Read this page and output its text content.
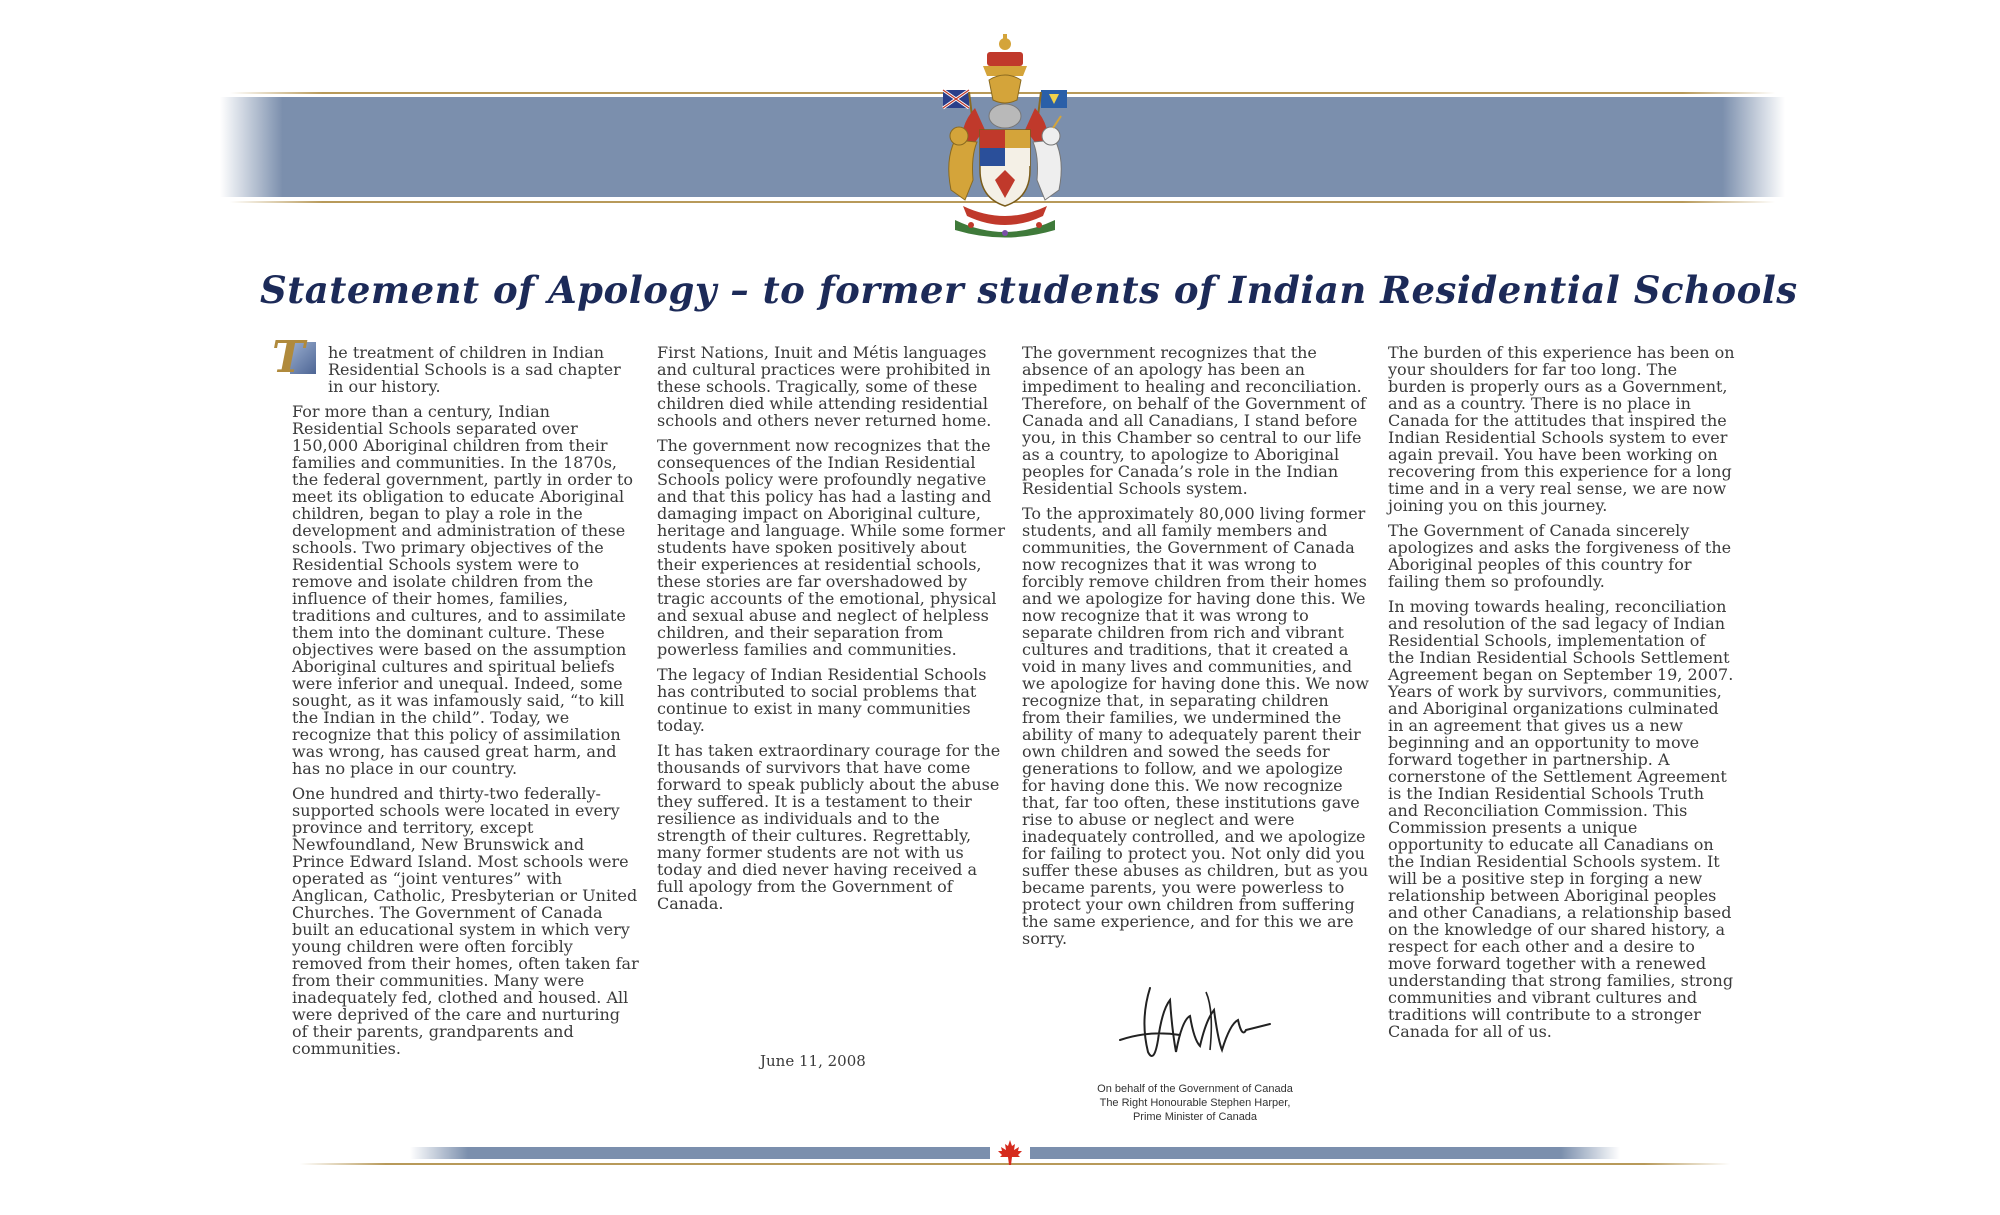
Statement of Apology – to former students of Indian Residential Schools

T he treatment of children in Indian Residential Schools is a sad chapter in our history.

For more than a century, Indian Residential Schools separated over 150,000 Aboriginal children from their families and communities. In the 1870s, the federal government, partly in order to meet its obligation to educate Aboriginal children, began to play a role in the development and administration of these schools. Two primary objectives of the Residential Schools system were to remove and isolate children from the influence of their homes, families, traditions and cultures, and to assimilate them into the dominant culture. These objectives were based on the assumption Aboriginal cultures and spiritual beliefs were inferior and unequal. Indeed, some sought, as it was infamously said, “to kill the Indian in the child”. Today, we recognize that this policy of assimilation was wrong, has caused great harm, and has no place in our country.

One hundred and thirty-two federally-supported schools were located in every province and territory, except Newfoundland, New Brunswick and Prince Edward Island. Most schools were operated as “joint ventures” with Anglican, Catholic, Presbyterian or United Churches. The Government of Canada built an educational system in which very young children were often forcibly removed from their homes, often taken far from their communities. Many were inadequately fed, clothed and housed. All were deprived of the care and nurturing of their parents, grandparents and communities.

First Nations, Inuit and Métis languages and cultural practices were prohibited in these schools. Tragically, some of these children died while attending residential schools and others never returned home.

The government now recognizes that the consequences of the Indian Residential Schools policy were profoundly negative and that this policy has had a lasting and damaging impact on Aboriginal culture, heritage and language. While some former students have spoken positively about their experiences at residential schools, these stories are far overshadowed by tragic accounts of the emotional, physical and sexual abuse and neglect of helpless children, and their separation from powerless families and communities.

The legacy of Indian Residential Schools has contributed to social problems that continue to exist in many communities today.

It has taken extraordinary courage for the thousands of survivors that have come forward to speak publicly about the abuse they suffered. It is a testament to their resilience as individuals and to the strength of their cultures. Regrettably, many former students are not with us today and died never having received a full apology from the Government of Canada.

The government recognizes that the absence of an apology has been an impediment to healing and reconciliation. Therefore, on behalf of the Government of Canada and all Canadians, I stand before you, in this Chamber so central to our life as a country, to apologize to Aboriginal peoples for Canada’s role in the Indian Residential Schools system.

To the approximately 80,000 living former students, and all family members and communities, the Government of Canada now recognizes that it was wrong to forcibly remove children from their homes and we apologize for having done this. We now recognize that it was wrong to separate children from rich and vibrant cultures and traditions, that it created a void in many lives and communities, and we apologize for having done this. We now recognize that, in separating children from their families, we undermined the ability of many to adequately parent their own children and sowed the seeds for generations to follow, and we apologize for having done this. We now recognize that, far too often, these institutions gave rise to abuse or neglect and were inadequately controlled, and we apologize for failing to protect you. Not only did you suffer these abuses as children, but as you became parents, you were powerless to protect your own children from suffering the same experience, and for this we are sorry.

The burden of this experience has been on your shoulders for far too long. The burden is properly ours as a Government, and as a country. There is no place in Canada for the attitudes that inspired the Indian Residential Schools system to ever again prevail. You have been working on recovering from this experience for a long time and in a very real sense, we are now joining you on this journey.

The Government of Canada sincerely apologizes and asks the forgiveness of the Aboriginal peoples of this country for failing them so profoundly.

In moving towards healing, reconciliation and resolution of the sad legacy of Indian Residential Schools, implementation of the Indian Residential Schools Settlement Agreement began on September 19, 2007. Years of work by survivors, communities, and Aboriginal organizations culminated in an agreement that gives us a new beginning and an opportunity to move forward together in partnership. A cornerstone of the Settlement Agreement is the Indian Residential Schools Truth and Reconciliation Commission. This Commission presents a unique opportunity to educate all Canadians on the Indian Residential Schools system. It will be a positive step in forging a new relationship between Aboriginal peoples and other Canadians, a relationship based on the knowledge of our shared history, a respect for each other and a desire to move forward together with a renewed understanding that strong families, strong communities and vibrant cultures and traditions will contribute to a stronger Canada for all of us.

June 11, 2008
On behalf of the Government of Canada
The Right Honourable Stephen Harper,
Prime Minister of Canada
